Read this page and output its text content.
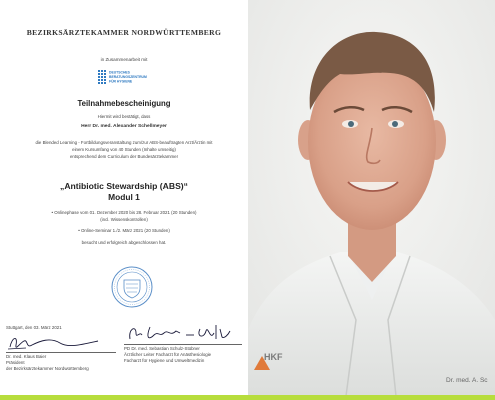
BEZIRKSÄRZTEKAMMER NORDWÜRTTEMBERG
in Zusammenarbeit mit
DEUTSCHES
BERATUNGSZENTRUM
FÜR HYGIENE
Teilnahmebescheinigung
Hiermit wird bestätigt, dass
Herr Dr. med. Alexander Schellmeyer
die Blended Learning - Fortbildungsveranstaltung zum/zur ABS-beauftragten Arzt/Ärztin mit
einem Kursumfang von 40 Stunden (Inhalte umseitig)
entsprechend dem Curriculum der Bundesärztekammer
„Antibiotic Stewardship (ABS)“
Modul 1
• Onlinephase vom 01. Dezember 2020 bis 28. Februar 2021 (20 Stunden)
(incl. Wissenskontrollen)
• Online-Seminar 1./2. März 2021 (20 Stunden)
besucht und erfolgreich abgeschlossen hat.
Stuttgart, den 03. März 2021
Dr. med. Klaus Baier
Präsident
der Bezirksärztekammer Nordwürttemberg
PD Dr. med. Sebastian Schulz-Stübner
Ärztlicher Leiter Facharzt für Anästhesiologie
Facharzt für Hygiene und Umweltmedizin	HKF
Dr. med. A. Sc
